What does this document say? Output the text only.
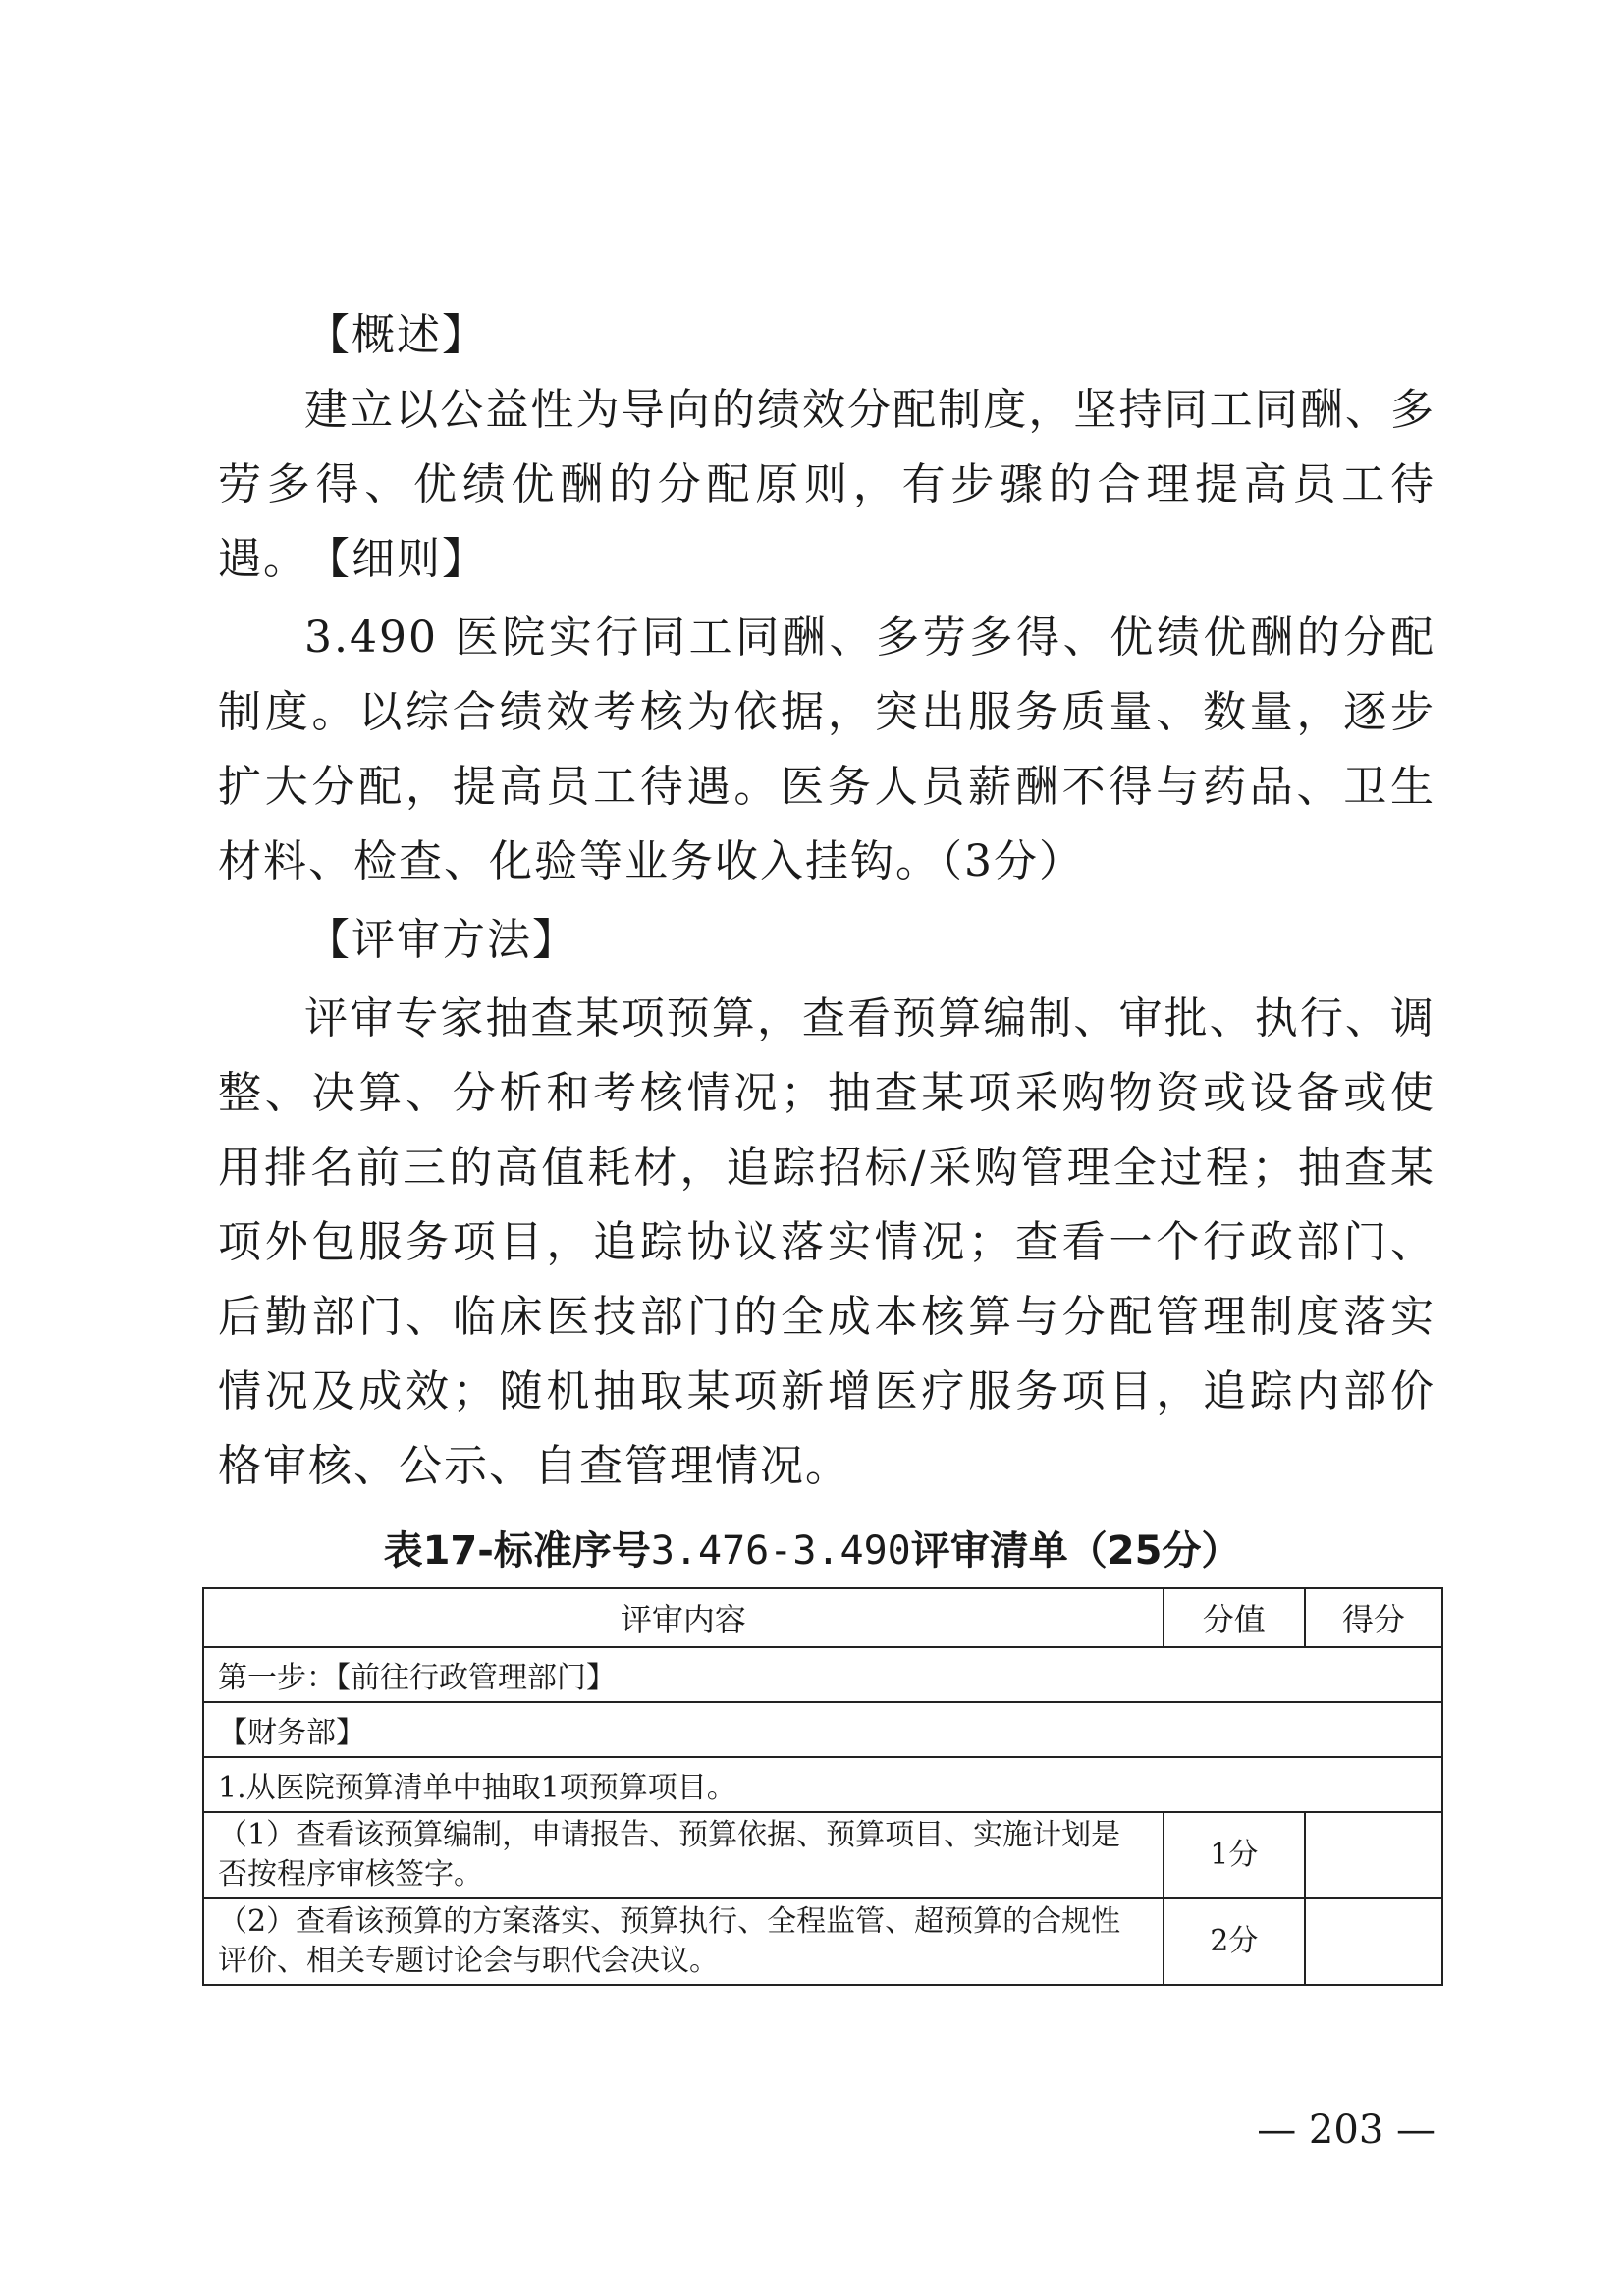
【概述】

建立以公益性为导向的绩效分配制度，坚持同工同酬、多劳多得、优绩优酬的分配原则，有步骤的合理提高员工待遇。

【细则】

3.490 医院实行同工同酬、多劳多得、优绩优酬的分配制度。以综合绩效考核为依据，突出服务质量、数量，逐步扩大分配，提高员工待遇。医务人员薪酬不得与药品、卫生材料、检查、化验等业务收入挂钩。（3分）

【评审方法】

评审专家抽查某项预算，查看预算编制、审批、执行、调整、决算、分析和考核情况；抽查某项采购物资或设备或使用排名前三的高值耗材，追踪招标/采购管理全过程；抽查某项外包服务项目，追踪协议落实情况；查看一个行政部门、后勤部门、临床医技部门的全成本核算与分配管理制度落实情况及成效；随机抽取某项新增医疗服务项目，追踪内部价格审核、公示、自查管理情况。

表17-标准序号3.476-3.490评审清单（25分）
评审内容	分值	得分
第一步：【前往行政管理部门】		
【财务部】		
1.从医院预算清单中抽取1项预算项目。		
（1）查看该预算编制，申请报告、预算依据、预算项目、实施计划是否按程序审核签字。	1分	
（2）查看该预算的方案落实、预算执行、全程监管、超预算的合规性评价、相关专题讨论会与职代会决议。	2分	
— 203 —
